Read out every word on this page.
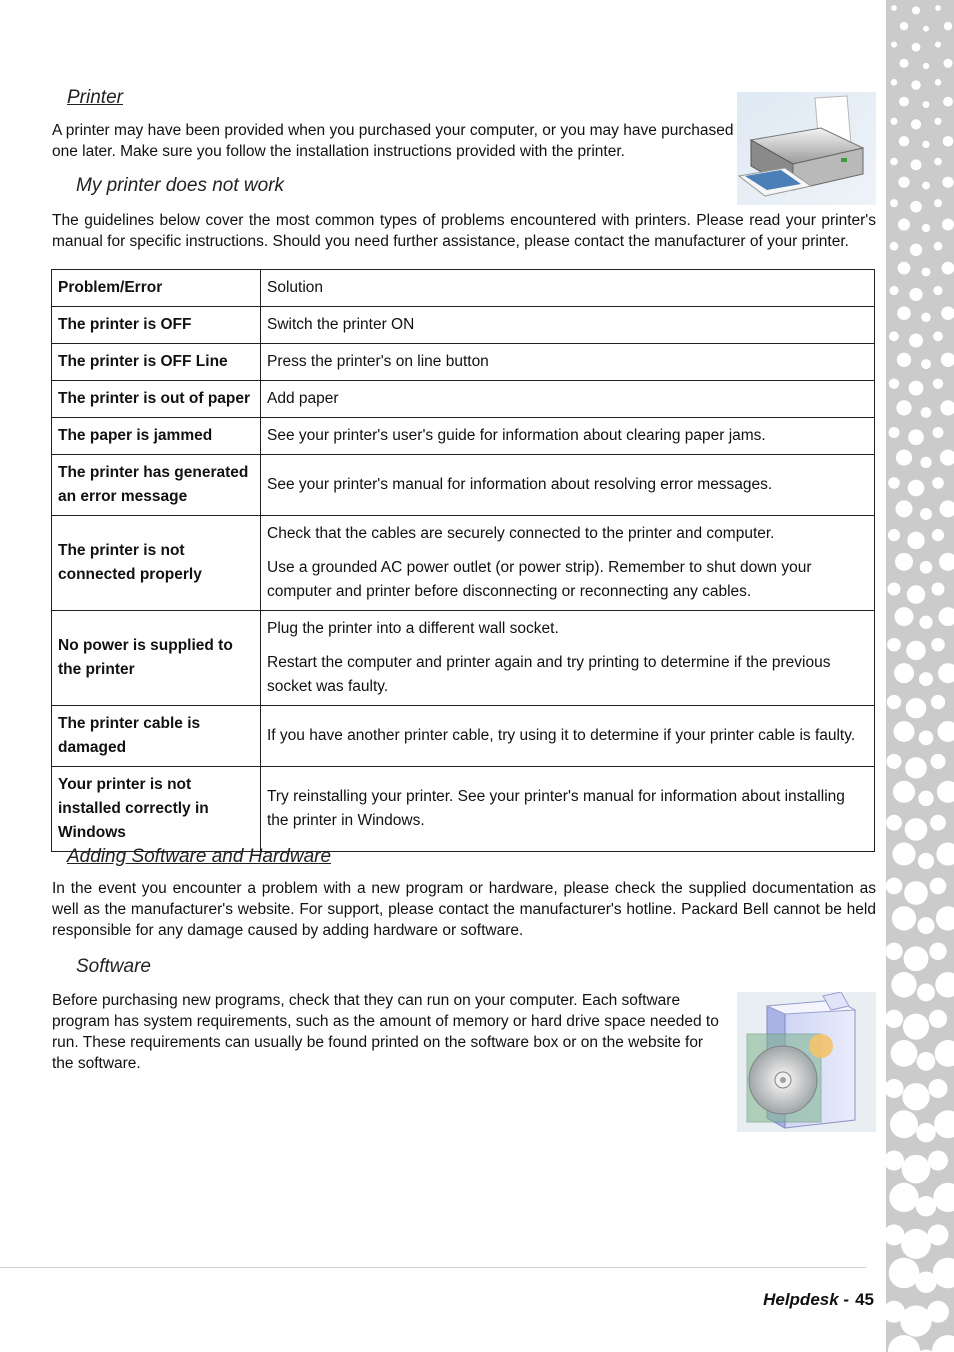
Printer
A printer may have been provided when you purchased your computer, or you may have purchased one later. Make sure you follow the installation instructions provided with the printer.
My printer does not work
The guidelines below cover the most common types of problems encountered with printers. Please read your printer's manual for specific instructions. Should you need further assistance, please contact the manufacturer of your printer.
Problem/Error	Solution
The printer is OFF	Switch the printer ON

The printer is OFF Line	Press the printer's on line button

The printer is out of paper	Add paper

The paper is jammed	See your printer's user's guide for information about clearing paper jams.

The printer has generated an error message	See your printer's manual for information about resolving error messages.

The printer is not connected properly	Check that the cables are securely connected to the printer and computer.
Use a grounded AC power outlet (or power strip). Remember to shut down your computer and printer before disconnecting or reconnecting any cables.

No power is supplied to the printer	Plug the printer into a different wall socket.
Restart the computer and printer again and try printing to determine if the previous socket was faulty.

The printer cable is damaged	If you have another printer cable, try using it to determine if your printer cable is faulty.

Your printer is not installed correctly in Windows	Try reinstalling your printer. See your printer's manual for information about installing the printer in Windows.
Adding Software and Hardware
In the event you encounter a problem with a new program or hardware, please check the supplied documentation as well as the manufacturer's website. For support, please contact the manufacturer's hotline. Packard Bell cannot be held responsible for any damage caused by adding hardware or software.
Software
Before purchasing new programs, check that they can run on your computer. Each software program has system requirements, such as the amount of memory or hard drive space needed to run. These requirements can usually be found printed on the software box or on the website for the software.
Helpdesk - 45
